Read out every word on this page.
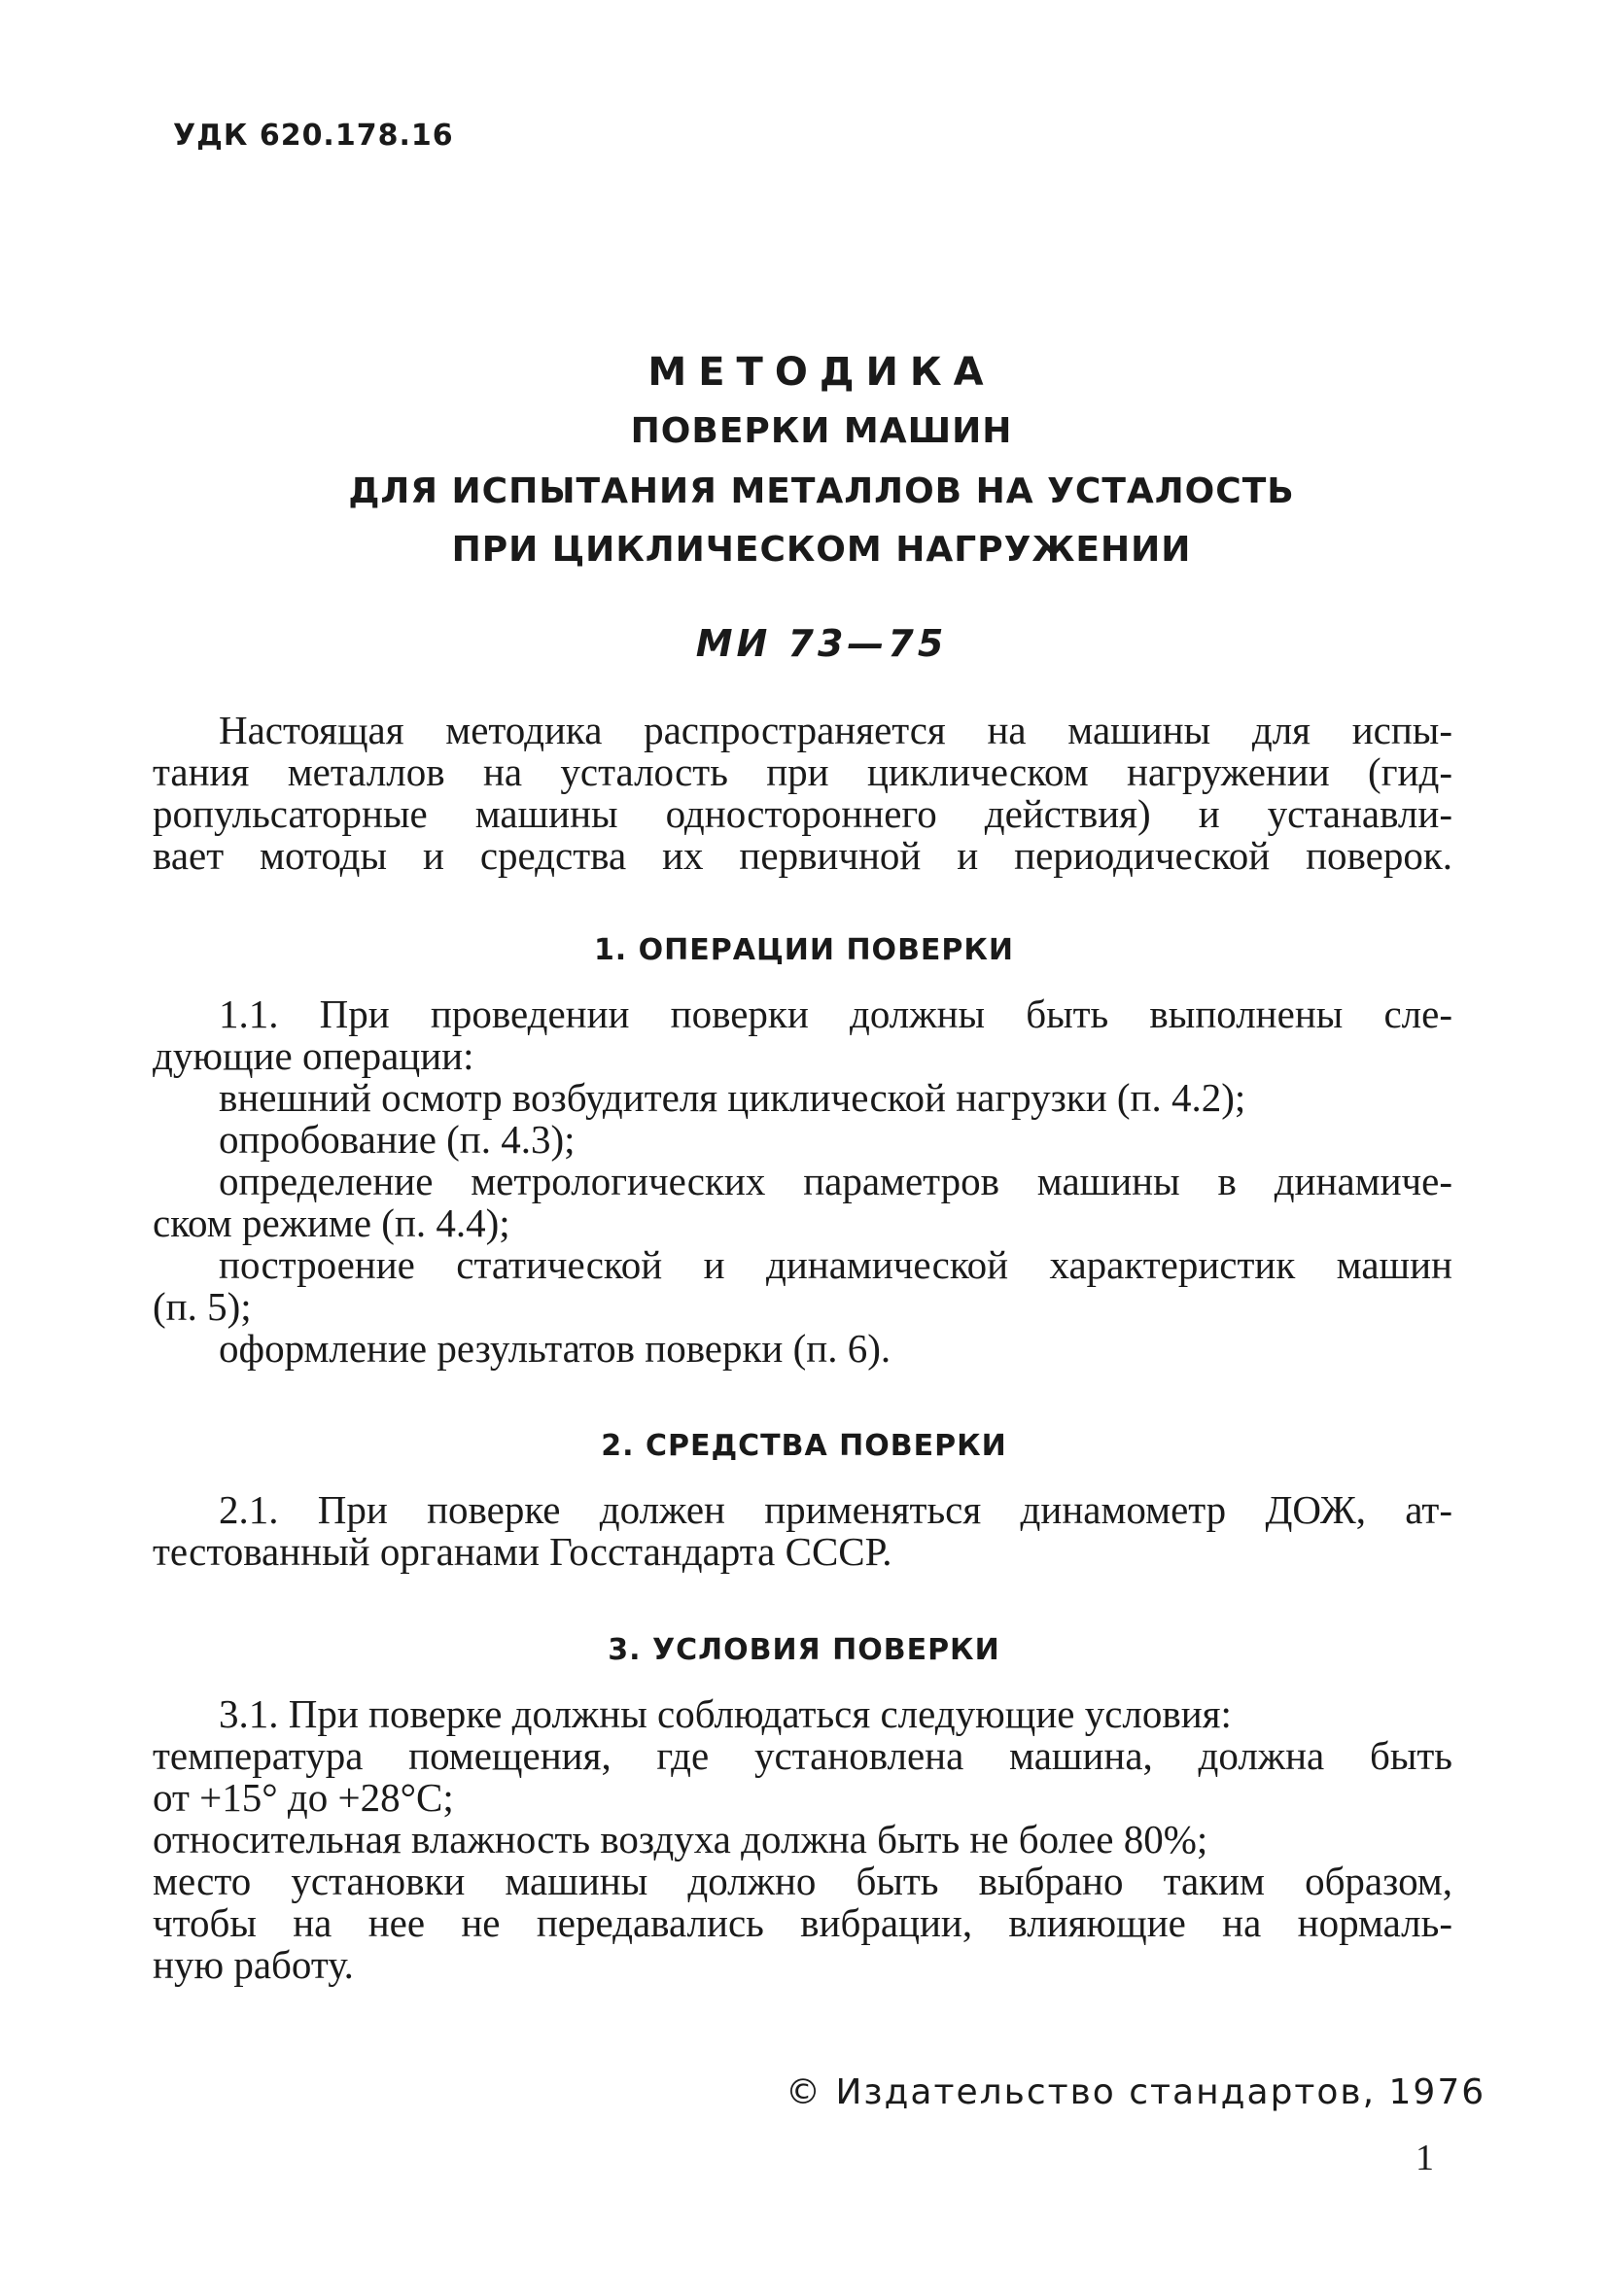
УДК 620.178.16
МЕТОДИКА
ПОВЕРКИ МАШИН
ДЛЯ ИСПЫТАНИЯ МЕТАЛЛОВ НА УСТАЛОСТЬ
ПРИ ЦИКЛИЧЕСКОМ НАГРУЖЕНИИ
МИ 73—75
Настоящая методика распространяется на машины для испы-
тания металлов на усталость при циклическом нагружении (гид-
ропульсаторные машины одностороннего действия) и устанавли-
вает мотоды и средства их первичной и периодической поверок.
1. ОПЕРАЦИИ ПОВЕРКИ
1.1. При проведении поверки должны быть выполнены сле-
дующие операции:
внешний осмотр возбудителя циклической нагрузки (п. 4.2);
опробование (п. 4.3);
определение метрологических параметров машины в динамиче-
ском режиме (п. 4.4);
построение статической и динамической характеристик машин
(п. 5);
оформление результатов поверки (п. 6).
2. СРЕДСТВА ПОВЕРКИ
2.1. При поверке должен применяться динамометр ДОЖ, ат-
тестованный органами Госстандарта СССР.
3. УСЛОВИЯ ПОВЕРКИ
3.1. При поверке должны соблюдаться следующие условия:
температура помещения, где установлена машина, должна быть
от +15° до +28°С;
относительная влажность воздуха должна быть не более 80%;
место установки машины должно быть выбрано таким образом,
чтобы на нее не передавались вибрации, влияющие на нормаль-
ную работу.
© Издательство стандартов, 1976
1
